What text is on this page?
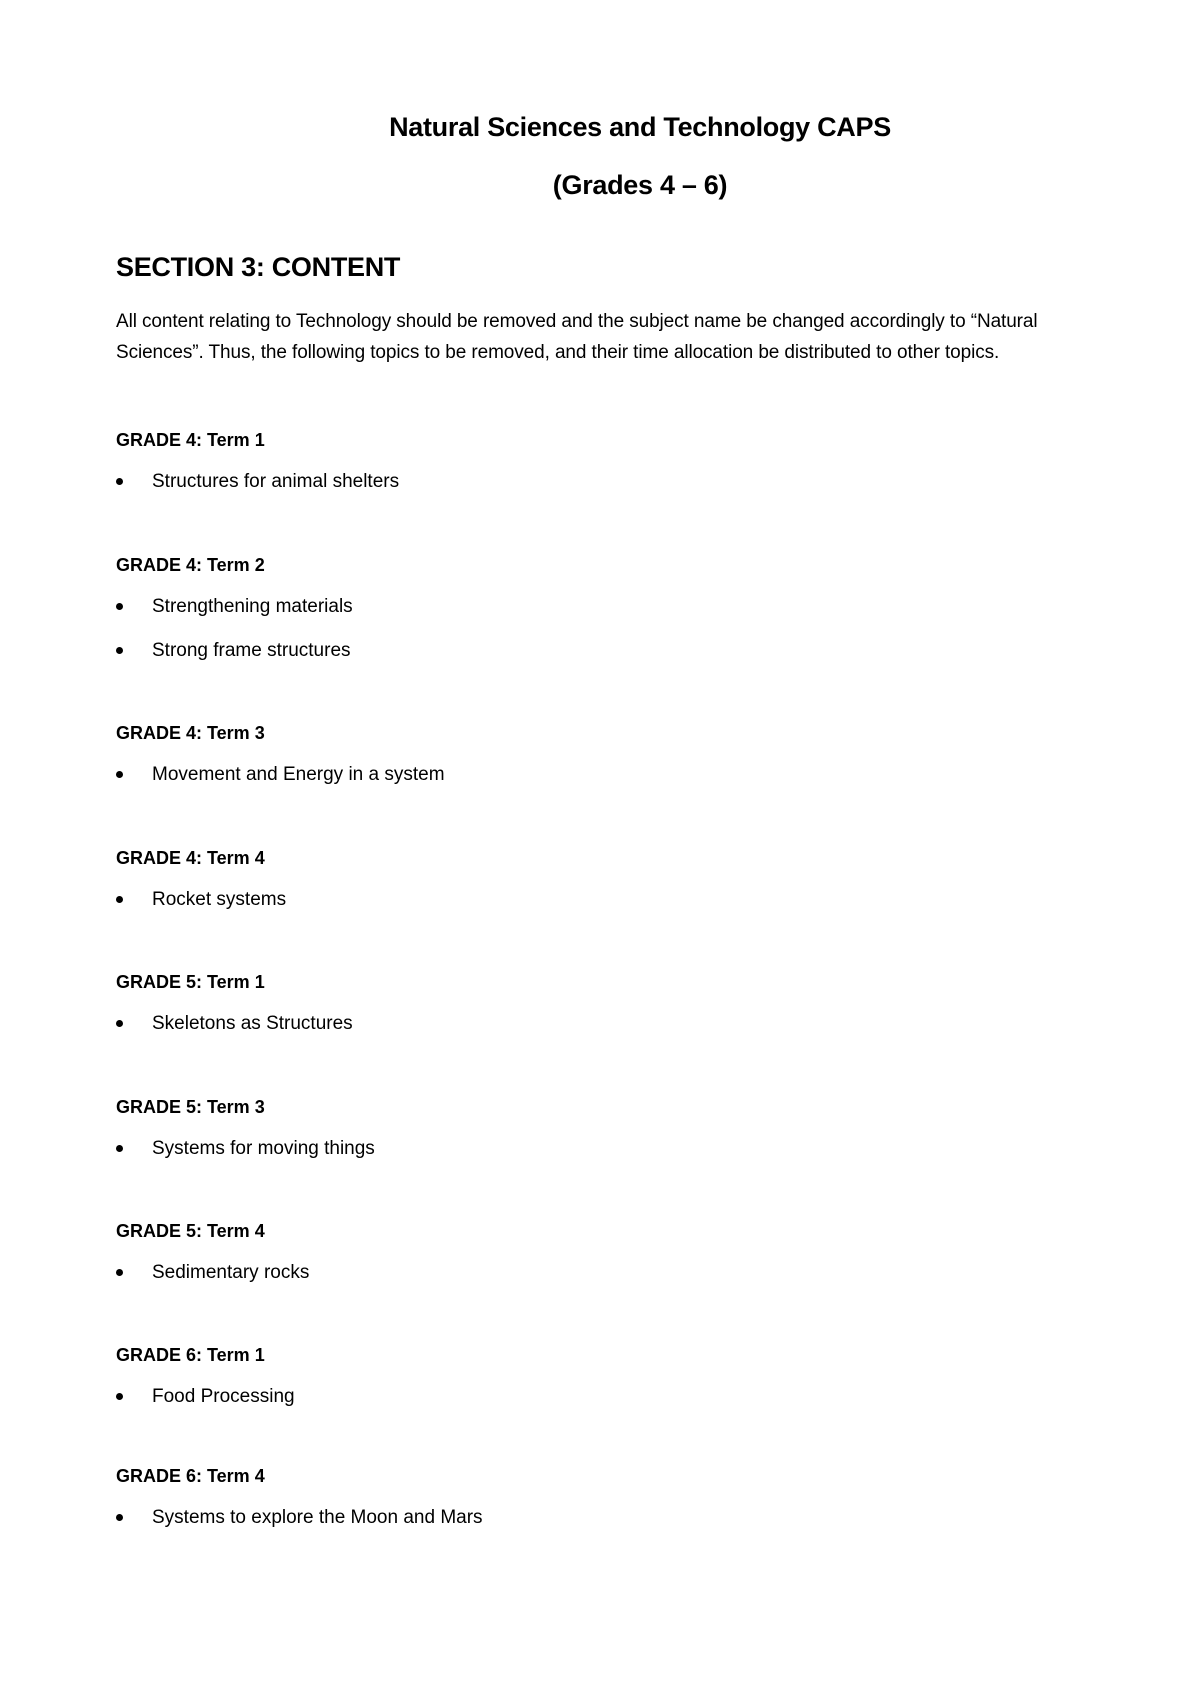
Natural Sciences and Technology CAPS
(Grades 4 – 6)
SECTION 3: CONTENT

All content relating to Technology should be removed and the subject name be changed accordingly to “Natural Sciences”. Thus, the following topics to be removed, and their time allocation be distributed to other topics.

GRADE 4: Term 1
Structures for animal shelters
GRADE 4: Term 2
Strengthening materials
Strong frame structures
GRADE 4: Term 3
Movement and Energy in a system
GRADE 4: Term 4
Rocket systems
GRADE 5: Term 1
Skeletons as Structures
GRADE 5: Term 3
Systems for moving things
GRADE 5: Term 4
Sedimentary rocks
GRADE 6: Term 1
Food Processing
GRADE 6: Term 4
Systems to explore the Moon and Mars
